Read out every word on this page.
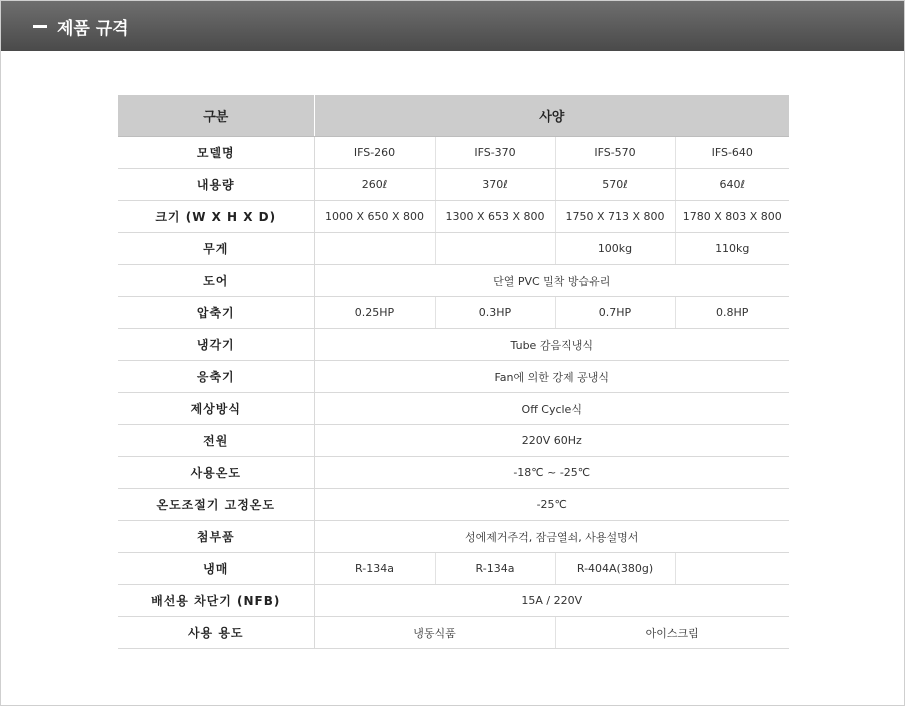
제품 규격
구분	사양			
모델명	IFS-260	IFS-370	IFS-570	IFS-640
내용량	260ℓ	370ℓ	570ℓ	640ℓ
크기 (W X H X D)	1000 X 650 X 800	1300 X 653 X 800	1750 X 713 X 800	1780 X 803 X 800
무게			100kg	110kg
도어	단열 PVC 밀착 방습유리			
압축기	0.25HP	0.3HP	0.7HP	0.8HP
냉각기	Tube 감음직냉식			
응축기	Fan에 의한 강제 공냉식			
제상방식	Off Cycle식			
전원	220V 60Hz			
사용온도	-18℃ ~ -25℃			
온도조절기 고정온도	-25℃			
첨부품	성에제거주걱, 잠금열쇠, 사용설명서			
냉매	R-134a	R-134a	R-404A(380g)	
배선용 차단기 (NFB)	15A / 220V			
사용 용도	냉동식품		아이스크림	
